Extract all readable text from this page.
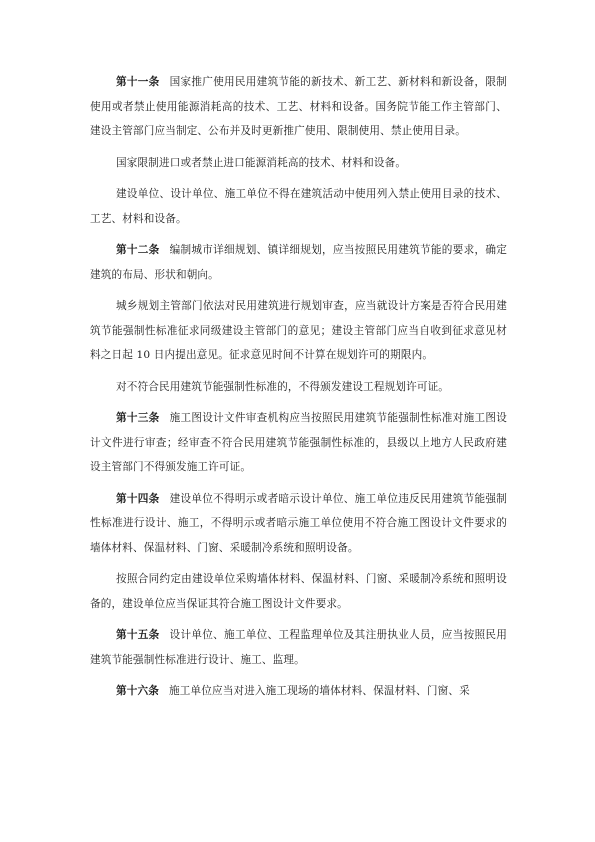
第十一条 国家推广使用民用建筑节能的新技术、新工艺、新材料和新设备，限制使用或者禁止使用能源消耗高的技术、工艺、材料和设备。国务院节能工作主管部门、建设主管部门应当制定、公布并及时更新推广使用、限制使用、禁止使用目录。

国家限制进口或者禁止进口能源消耗高的技术、材料和设备。

建设单位、设计单位、施工单位不得在建筑活动中使用列入禁止使用目录的技术、工艺、材料和设备。

第十二条 编制城市详细规划、镇详细规划，应当按照民用建筑节能的要求，确定建筑的布局、形状和朝向。

城乡规划主管部门依法对民用建筑进行规划审查，应当就设计方案是否符合民用建筑节能强制性标准征求同级建设主管部门的意见；建设主管部门应当自收到征求意见材料之日起 10 日内提出意见。征求意见时间不计算在规划许可的期限内。

对不符合民用建筑节能强制性标准的，不得颁发建设工程规划许可证。

第十三条 施工图设计文件审查机构应当按照民用建筑节能强制性标准对施工图设计文件进行审查；经审查不符合民用建筑节能强制性标准的，县级以上地方人民政府建设主管部门不得颁发施工许可证。

第十四条 建设单位不得明示或者暗示设计单位、施工单位违反民用建筑节能强制性标准进行设计、施工，不得明示或者暗示施工单位使用不符合施工图设计文件要求的墙体材料、保温材料、门窗、采暖制冷系统和照明设备。

按照合同约定由建设单位采购墙体材料、保温材料、门窗、采暖制冷系统和照明设备的，建设单位应当保证其符合施工图设计文件要求。

第十五条 设计单位、施工单位、工程监理单位及其注册执业人员，应当按照民用建筑节能强制性标准进行设计、施工、监理。

第十六条 施工单位应当对进入施工现场的墙体材料、保温材料、门窗、采
